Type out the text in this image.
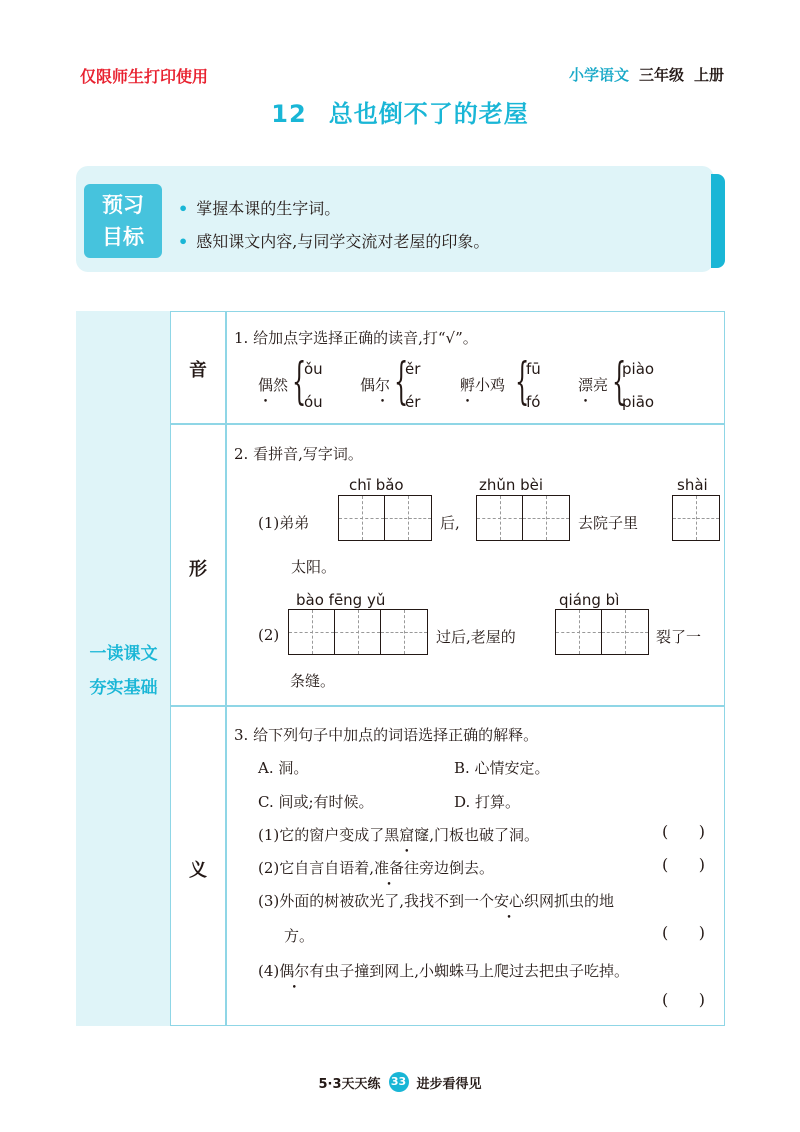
仅限师生打印使用	小学语文 三年级 上册
12 总也倒不了的老屋
预习
目标
• 掌握本课的生字词。
• 感知课文内容,与同学交流对老屋的印象。
一读课文
夯实基础
音
1. 给加点字选择正确的读音,打“√”。
偶然 {
ǒu
óu
偶尔 {
ěr
ér
孵小鸡 {
fū
fó
漂亮 {
piào
piāo
形
2. 看拼音,写字词。
chī bǎo	zhǔn bèi	shài
(1)弟弟	后,	去院子里
太阳。
bào fēng yǔ	qiáng bì
(2)	过后,老屋的	裂了一
条缝。
义
3. 给下列句子中加点的词语选择正确的解释。
A. 洞。	B. 心情安定。
C. 间或;有时候。	D. 打算。
(1)它的窗户变成了黑窟窿,门板也破了洞。	(      )
(2)它自言自语着,准备往旁边倒去。	(      )
(3)外面的树被砍光了,我找不到一个安心织网抓虫的地
方。	(      )
(4)偶尔有虫子撞到网上,小蜘蛛马上爬过去把虫子吃掉。
(      )
5·3天天练 33 进步看得见
